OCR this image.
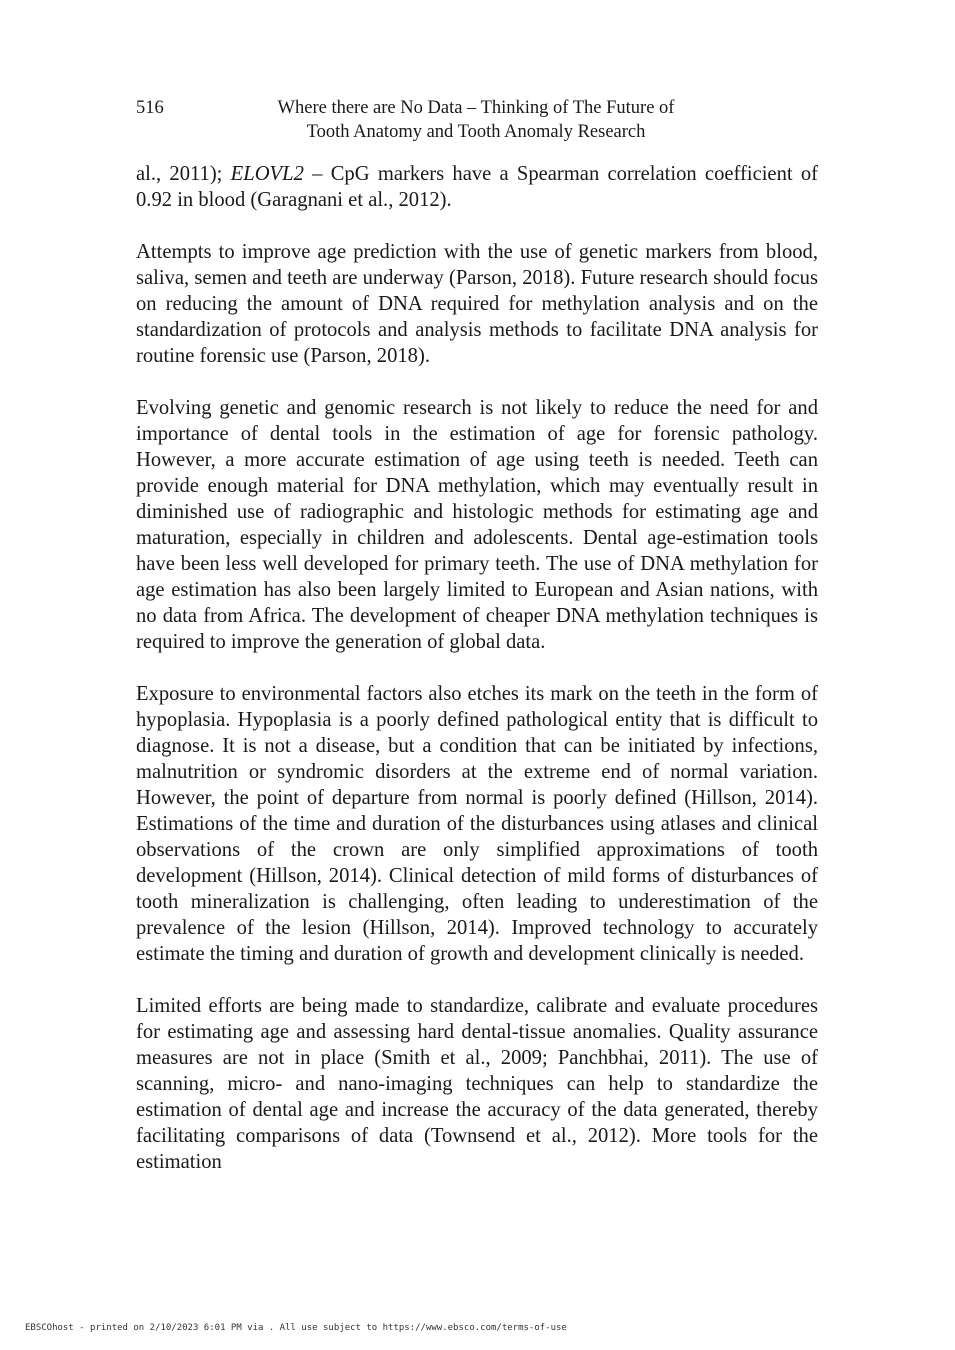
516	Where there are No Data – Thinking of The Future of
Tooth Anatomy and Tooth Anomaly Research

al., 2011); ELOVL2 – CpG markers have a Spearman correlation coefficient of 0.92 in blood (Garagnani et al., 2012).

Attempts to improve age prediction with the use of genetic markers from blood, saliva, semen and teeth are underway (Parson, 2018). Future research should focus on reducing the amount of DNA required for methylation analysis and on the standardization of protocols and analysis methods to facilitate DNA analysis for routine forensic use (Parson, 2018).

Evolving genetic and genomic research is not likely to reduce the need for and importance of dental tools in the estimation of age for forensic pathology. However, a more accurate estimation of age using teeth is needed. Teeth can provide enough material for DNA methylation, which may eventually result in diminished use of radiographic and histologic methods for estimating age and maturation, especially in children and adolescents. Dental age-estimation tools have been less well developed for primary teeth. The use of DNA methylation for age estimation has also been largely limited to European and Asian nations, with no data from Africa. The development of cheaper DNA methylation techniques is required to improve the generation of global data.

Exposure to environmental factors also etches its mark on the teeth in the form of hypoplasia. Hypoplasia is a poorly defined pathological entity that is difficult to diagnose. It is not a disease, but a condition that can be initiated by infections, malnutrition or syndromic disorders at the extreme end of normal variation. However, the point of departure from normal is poorly defined (Hillson, 2014). Estimations of the time and duration of the disturbances using atlases and clinical observations of the crown are only simplified approximations of tooth development (Hillson, 2014). Clinical detection of mild forms of disturbances of tooth mineralization is challenging, often leading to underestimation of the prevalence of the lesion (Hillson, 2014). Improved technology to accurately estimate the timing and duration of growth and development clinically is needed.

Limited efforts are being made to standardize, calibrate and evaluate procedures for estimating age and assessing hard dental-tissue anomalies. Quality assurance measures are not in place (Smith et al., 2009; Panchbhai, 2011). The use of scanning, micro- and nano-imaging techniques can help to standardize the estimation of dental age and increase the accuracy of the data generated, thereby facilitating comparisons of data (Townsend et al., 2012). More tools for the estimation

EBSCOhost - printed on 2/10/2023 6:01 PM via . All use subject to https://www.ebsco.com/terms-of-use
